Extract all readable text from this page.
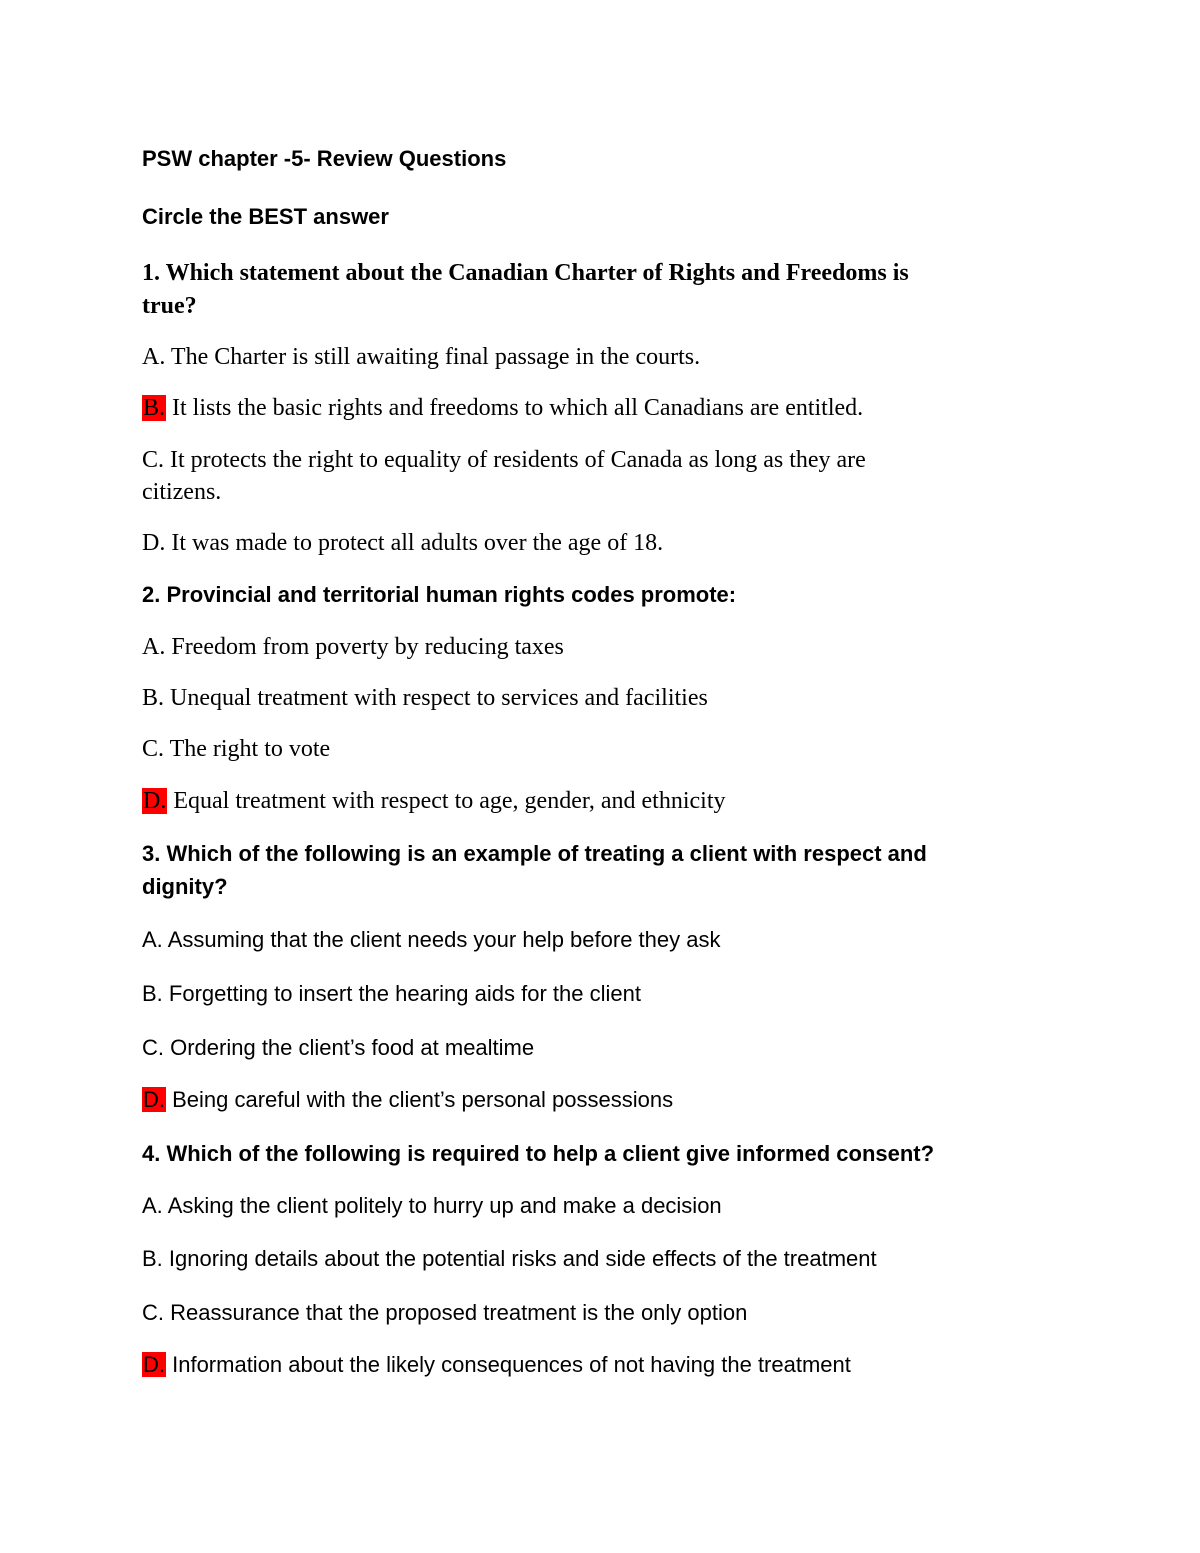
PSW chapter -5- Review Questions

Circle the BEST answer

1. Which statement about the Canadian Charter of Rights and Freedoms is

true?

A. The Charter is still awaiting final passage in the courts.
B. It lists the basic rights and freedoms to which all Canadians are entitled.
C. It protects the right to equality of residents of Canada as long as they are

citizens.

D. It was made to protect all adults over the age of 18.

2. Provincial and territorial human rights codes promote:

A. Freedom from poverty by reducing taxes
B. Unequal treatment with respect to services and facilities
C. The right to vote
D. Equal treatment with respect to age, gender, and ethnicity

3. Which of the following is an example of treating a client with respect and

dignity?

A. Assuming that the client needs your help before they ask
B. Forgetting to insert the hearing aids for the client
C. Ordering the client’s food at mealtime
D. Being careful with the client’s personal possessions

4. Which of the following is required to help a client give informed consent?

A. Asking the client politely to hurry up and make a decision
B. Ignoring details about the potential risks and side effects of the treatment
C. Reassurance that the proposed treatment is the only option
D. Information about the likely consequences of not having the treatment
